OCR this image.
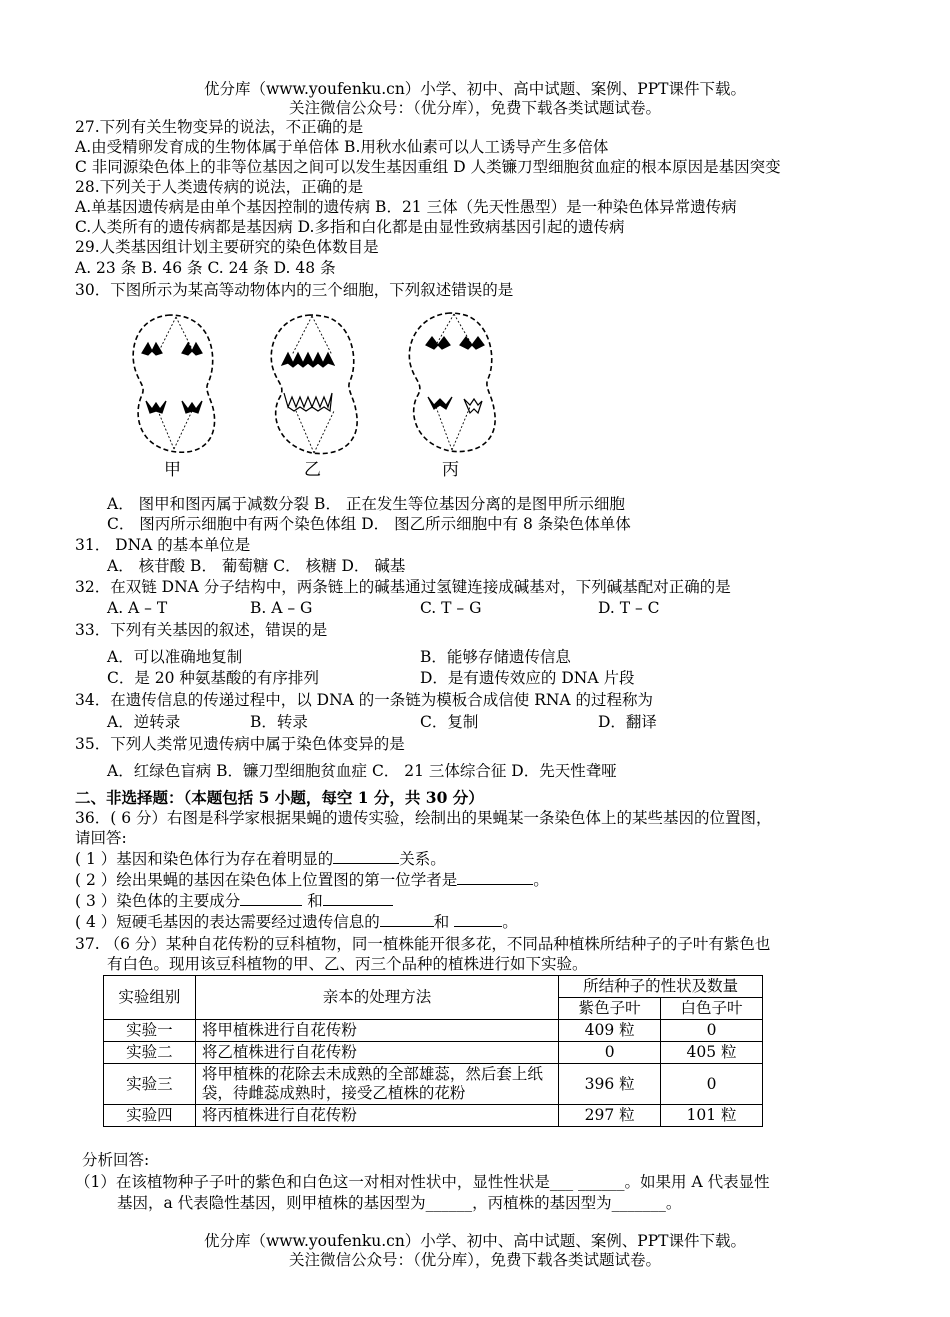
优分库（www.youfenku.cn）小学、初中、高中试题、案例、PPT课件下载。
关注微信公众号：（优分库），免费下载各类试题试卷。
27.下列有关生物变异的说法，不正确的是
A.由受精卵发育成的生物体属于单倍体 B.用秋水仙素可以人工诱导产生多倍体
C 非同源染色体上的非等位基因之间可以发生基因重组 D 人类镰刀型细胞贫血症的根本原因是基因突变
28.下列关于人类遗传病的说法，正确的是
A.单基因遗传病是由单个基因控制的遗传病 B．21 三体（先天性愚型）是一种染色体异常遗传病
C.人类所有的遗传病都是基因病 D.多指和白化都是由显性致病基因引起的遗传病
29.人类基因组计划主要研究的染色体数目是
A. 23 条 B. 46 条 C. 24 条 D. 48 条
30．下图所示为某高等动物体内的三个细胞，下列叙述错误的是
甲	乙	丙
A． 图甲和图丙属于减数分裂 B． 正在发生等位基因分离的是图甲所示细胞
C． 图丙所示细胞中有两个染色体组 D． 图乙所示细胞中有 8 条染色体单体
31． DNA 的基本单位是
A． 核苷酸 B． 葡萄糖 C． 核糖 D． 碱基
32．在双链 DNA 分子结构中，两条链上的碱基通过氢键连接成碱基对，下列碱基配对正确的是
A. A – T	B. A – G	C. T – G	D. T – C
33．下列有关基因的叙述，错误的是
A．可以准确地复制	B．能够存储遗传信息
C．是 20 种氨基酸的有序排列	D．是有遗传效应的 DNA 片段
34．在遗传信息的传递过程中，以 DNA 的一条链为模板合成信使 RNA 的过程称为
A．逆转录	B．转录	C．复制	D．翻译
35．下列人类常见遗传病中属于染色体变异的是
A．红绿色盲病 B．镰刀型细胞贫血症 C． 21 三体综合征 D．先天性聋哑
二、非选择题：（本题包括 5 小题，每空 1 分，共 30 分）
36．( 6 分）右图是科学家根据果蝇的遗传实验，绘制出的果蝇某一条染色体上的某些基因的位置图，
请回答:
( 1 ）基因和染色体行为存在着明显的	关系。
( 2 ）绘出果蝇的基因在染色体上位置图的第一位学者是	。
( 3 ）染色体的主要成分	和
( 4 ）短硬毛基因的表达需要经过遗传信息的	和	。
37. （6 分）某种自花传粉的豆科植物，同一植株能开很多花，不同品种植株所结种子的子叶有紫色也
有白色。现用该豆科植物的甲、乙、丙三个品种的植株进行如下实验。
实验组别	亲本的处理方法	所结种子的性状及数量	
		紫色子叶	白色子叶
实验一	将甲植株进行自花传粉	409 粒	0
实验二	将乙植株进行自花传粉	0	405 粒
实验三	将甲植株的花除去未成熟的全部雄蕊，然后套上纸袋，待雌蕊成熟时，接受乙植株的花粉	396 粒	0
实验四	将丙植株进行自花传粉	297 粒	101 粒
分析回答:
（1）在该植物种子子叶的紫色和白色这一对相对性状中，显性性状是___ ______。如果用 A 代表显性
基因，a 代表隐性基因，则甲植株的基因型为______，丙植株的基因型为_______。
优分库（www.youfenku.cn）小学、初中、高中试题、案例、PPT课件下载。
关注微信公众号：（优分库），免费下载各类试题试卷。
